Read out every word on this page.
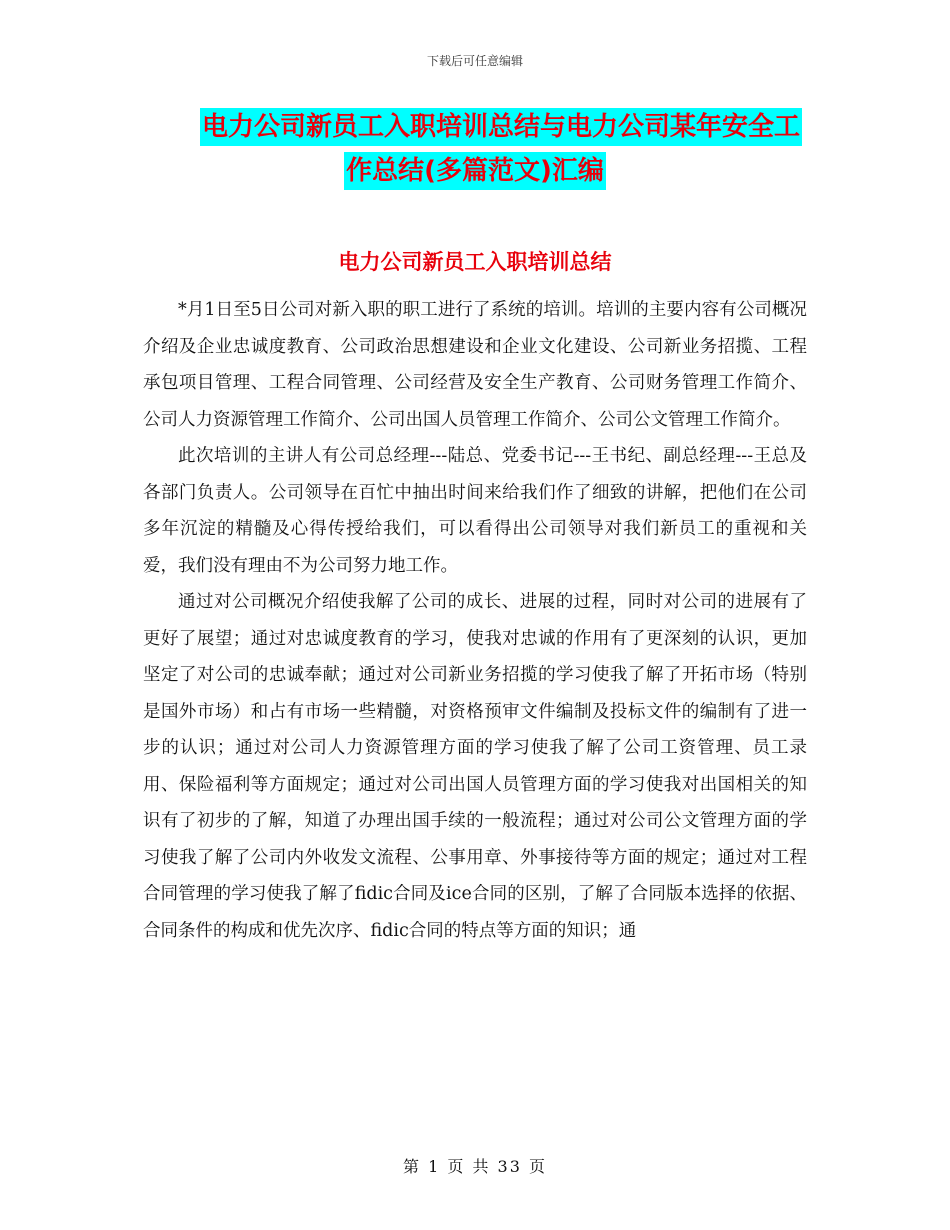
下载后可任意编辑
电力公司新员工入职培训总结与电力公司某年安全工
作总结(多篇范文)汇编
电力公司新员工入职培训总结

*月1日至5日公司对新入职的职工进行了系统的培训。培训的主要内容有公司概况介绍及企业忠诚度教育、公司政治思想建设和企业文化建设、公司新业务招揽、工程承包项目管理、工程合同管理、公司经营及安全生产教育、公司财务管理工作简介、公司人力资源管理工作简介、公司出国人员管理工作简介、公司公文管理工作简介。

此次培训的主讲人有公司总经理---陆总、党委书记---王书纪、副总经理---王总及各部门负责人。公司领导在百忙中抽出时间来给我们作了细致的讲解，把他们在公司多年沉淀的精髓及心得传授给我们，可以看得出公司领导对我们新员工的重视和关爱，我们没有理由不为公司努力地工作。

通过对公司概况介绍使我解了公司的成长、进展的过程，同时对公司的进展有了更好了展望；通过对忠诚度教育的学习，使我对忠诚的作用有了更深刻的认识，更加坚定了对公司的忠诚奉献；通过对公司新业务招揽的学习使我了解了开拓市场（特别是国外市场）和占有市场一些精髓，对资格预审文件编制及投标文件的编制有了进一步的认识；通过对公司人力资源管理方面的学习使我了解了公司工资管理、员工录用、保险福利等方面规定；通过对公司出国人员管理方面的学习使我对出国相关的知识有了初步的了解，知道了办理出国手续的一般流程；通过对公司公文管理方面的学习使我了解了公司内外收发文流程、公事用章、外事接待等方面的规定；通过对工程合同管理的学习使我了解了fidic合同及ice合同的区别，了解了合同版本选择的依据、合同条件的构成和优先次序、fidic合同的特点等方面的知识；通

第 1 页 共 33 页
